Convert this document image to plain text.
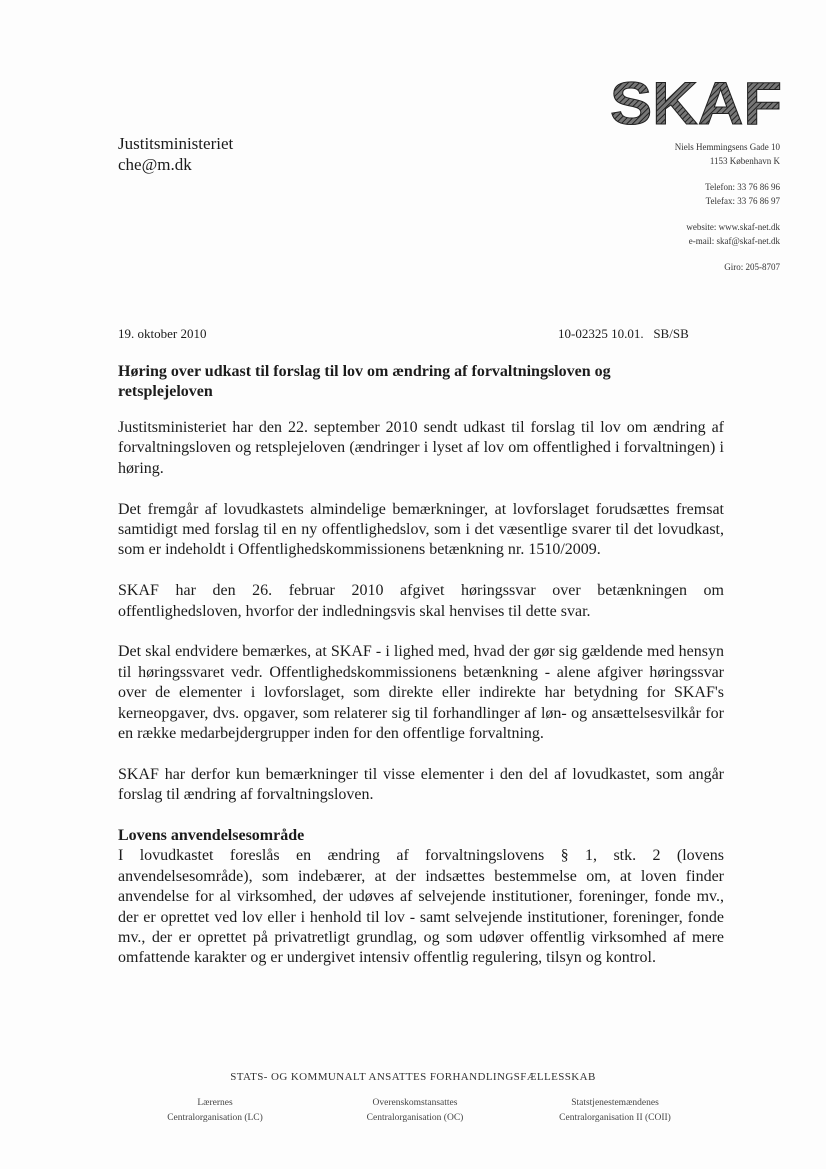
SKAF
Justitsministeriet
che@m.dk
Niels Hemmingsens Gade 10
1153 København K
Telefon: 33 76 86 96
Telefax: 33 76 86 97
website: www.skaf-net.dk
e-mail: skaf@skaf-net.dk
Giro: 205-8707
19. oktober 2010	10-02325 10.01.   SB/SB
Høring over udkast til forslag til lov om ændring af forvaltningsloven og retsplejeloven

Justitsministeriet har den 22. september 2010 sendt udkast til forslag til lov om ændring af forvaltningsloven og retsplejeloven (ændringer i lyset af lov om offentlighed i forvaltningen) i høring.

Det fremgår af lovudkastets almindelige bemærkninger, at lovforslaget forudsættes fremsat samtidigt med forslag til en ny offentlighedslov, som i det væsentlige svarer til det lovudkast, som er indeholdt i Offentlighedskommissionens betænkning nr. 1510/2009.

SKAF har den 26. februar 2010 afgivet høringssvar over betænkningen om offentlighedsloven, hvorfor der indledningsvis skal henvises til dette svar.

Det skal endvidere bemærkes, at SKAF - i lighed med, hvad der gør sig gældende med hensyn til høringssvaret vedr. Offentlighedskommissionens betænkning - alene afgiver høringssvar over de elementer i lovforslaget, som direkte eller indirekte har betydning for SKAF's kerneopgaver, dvs. opgaver, som relaterer sig til forhandlinger af løn- og ansættelsesvilkår for en række medarbejdergrupper inden for den offentlige forvaltning.

SKAF har derfor kun bemærkninger til visse elementer i den del af lovudkastet, som angår forslag til ændring af forvaltningsloven.

Lovens anvendelsesområde

I lovudkastet foreslås en ændring af forvaltningslovens § 1, stk. 2 (lovens anvendelsesområde), som indebærer, at der indsættes bestemmelse om, at loven finder anvendelse for al virksomhed, der udøves af selvejende institutioner, foreninger, fonde mv., der er oprettet ved lov eller i henhold til lov - samt selvejende institutioner, foreninger, fonde mv., der er oprettet på privatretligt grundlag, og som udøver offentlig virksomhed af mere omfattende karakter og er undergivet intensiv offentlig regulering, tilsyn og kontrol.

STATS- OG KOMMUNALT ANSATTES FORHANDLINGSFÆLLESSKAB
Lærernes
Centralorganisation (LC)
Overenskomstansattes
Centralorganisation (OC)
Statstjenestemændenes
Centralorganisation II (COII)
